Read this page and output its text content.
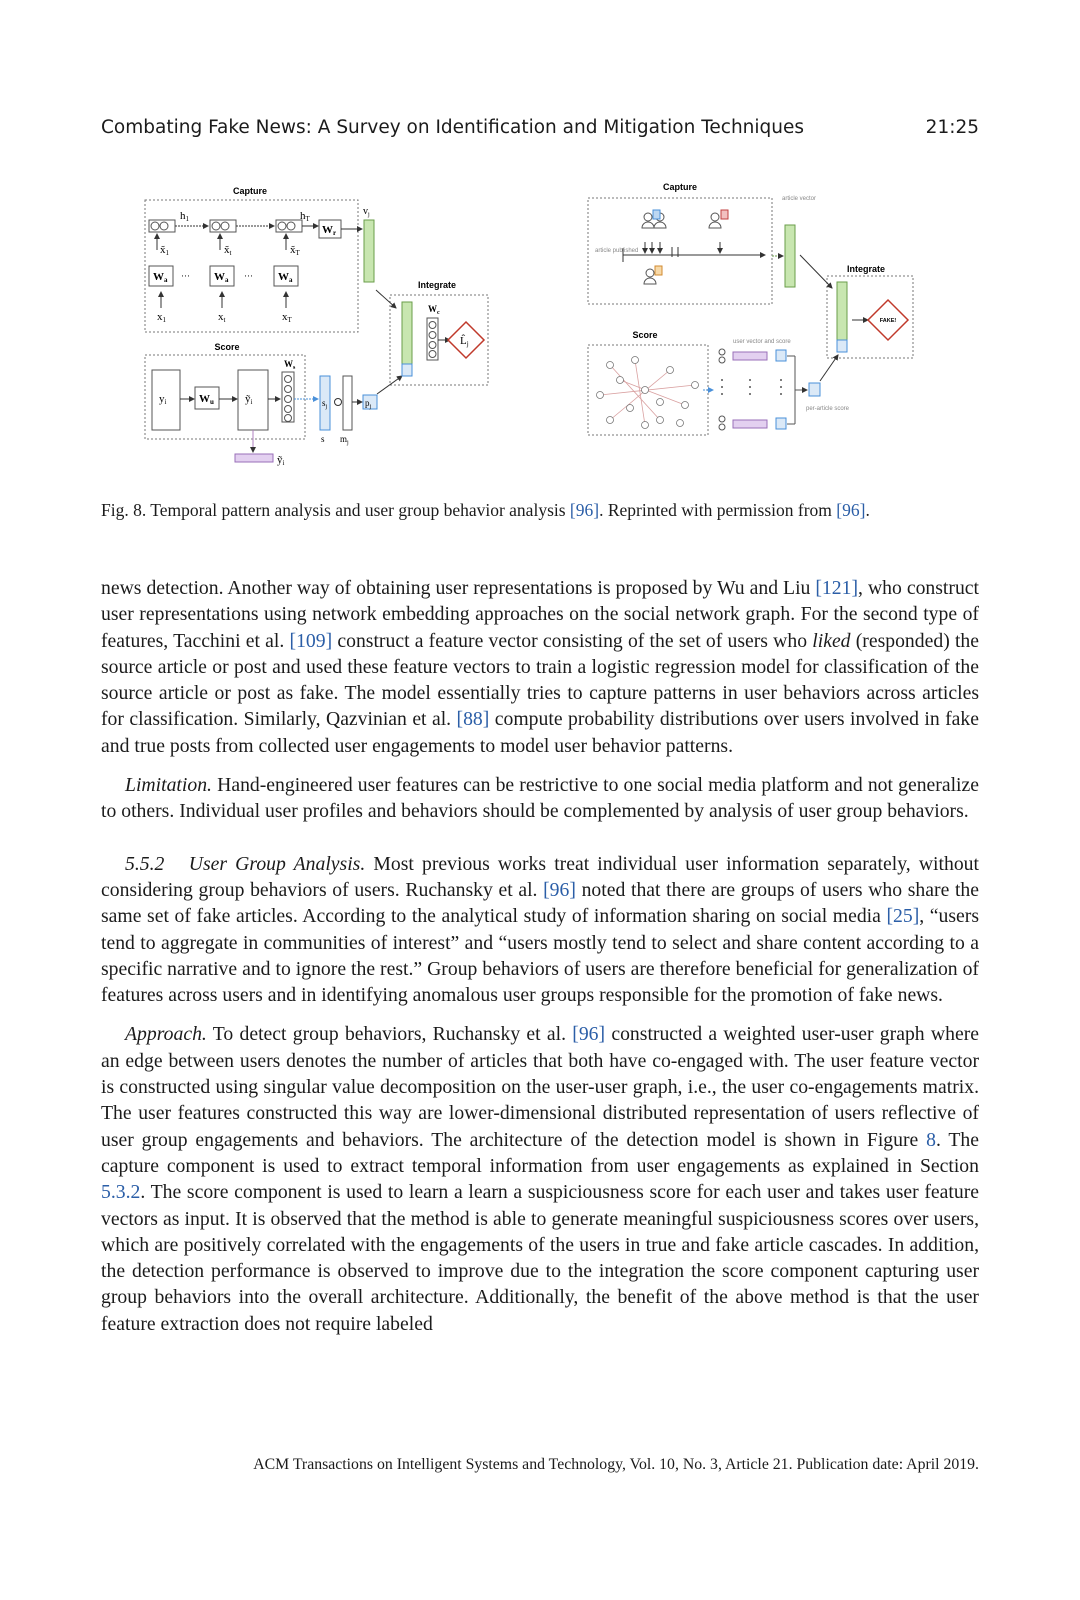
Combating Fake News: A Survey on Identification and Mitigation Techniques	21:25
Capture
h1	hT
Wr
x̃1	x̃t	x̃T
Wa ··· Wa ··· Wa
x1	xt	xT
$v_j$
Score
yi	Wu	ỹi
$W_s$
ỹi
$s_j$
s $m_j$
$p_j$
Integrate
$W_c$
L̂j
Capture
article published
article vector
Score
user vector and score
per-article score
Integrate
FAKE!
Fig. 8. Temporal pattern analysis and user group behavior analysis [96]. Reprinted with permission from [96].

news detection. Another way of obtaining user representations is proposed by Wu and Liu [121], who construct user representations using network embedding approaches on the social network graph. For the second type of features, Tacchini et al. [109] construct a feature vector consisting of the set of users who liked (responded) the source article or post and used these feature vectors to train a logistic regression model for classification of the source article or post as fake. The model essentially tries to capture patterns in user behaviors across articles for classification. Similarly, Qazvinian et al. [88] compute probability distributions over users involved in fake and true posts from collected user engagements to model user behavior patterns.

Limitation. Hand-engineered user features can be restrictive to one social media platform and not generalize to others. Individual user profiles and behaviors should be complemented by analysis of user group behaviors.

5.5.2 User Group Analysis. Most previous works treat individual user information separately, without considering group behaviors of users. Ruchansky et al. [96] noted that there are groups of users who share the same set of fake articles. According to the analytical study of information sharing on social media [25], “users tend to aggregate in communities of interest” and “users mostly tend to select and share content according to a specific narrative and to ignore the rest.” Group behaviors of users are therefore beneficial for generalization of features across users and in identifying anomalous user groups responsible for the promotion of fake news.

Approach. To detect group behaviors, Ruchansky et al. [96] constructed a weighted user-user graph where an edge between users denotes the number of articles that both have co-engaged with. The user feature vector is constructed using singular value decomposition on the user-user graph, i.e., the user co-engagements matrix. The user features constructed this way are lower-dimensional distributed representation of users reflective of user group engagements and behaviors. The architecture of the detection model is shown in Figure 8. The capture component is used to extract temporal information from user engagements as explained in Section 5.3.2. The score component is used to learn a learn a suspiciousness score for each user and takes user feature vectors as input. It is observed that the method is able to generate meaningful suspiciousness scores over users, which are positively correlated with the engagements of the users in true and fake article cascades. In addition, the detection performance is observed to improve due to the integration the score component capturing user group behaviors into the overall architecture. Additionally, the benefit of the above method is that the user feature extraction does not require labeled

ACM Transactions on Intelligent Systems and Technology, Vol. 10, No. 3, Article 21. Publication date: April 2019.
